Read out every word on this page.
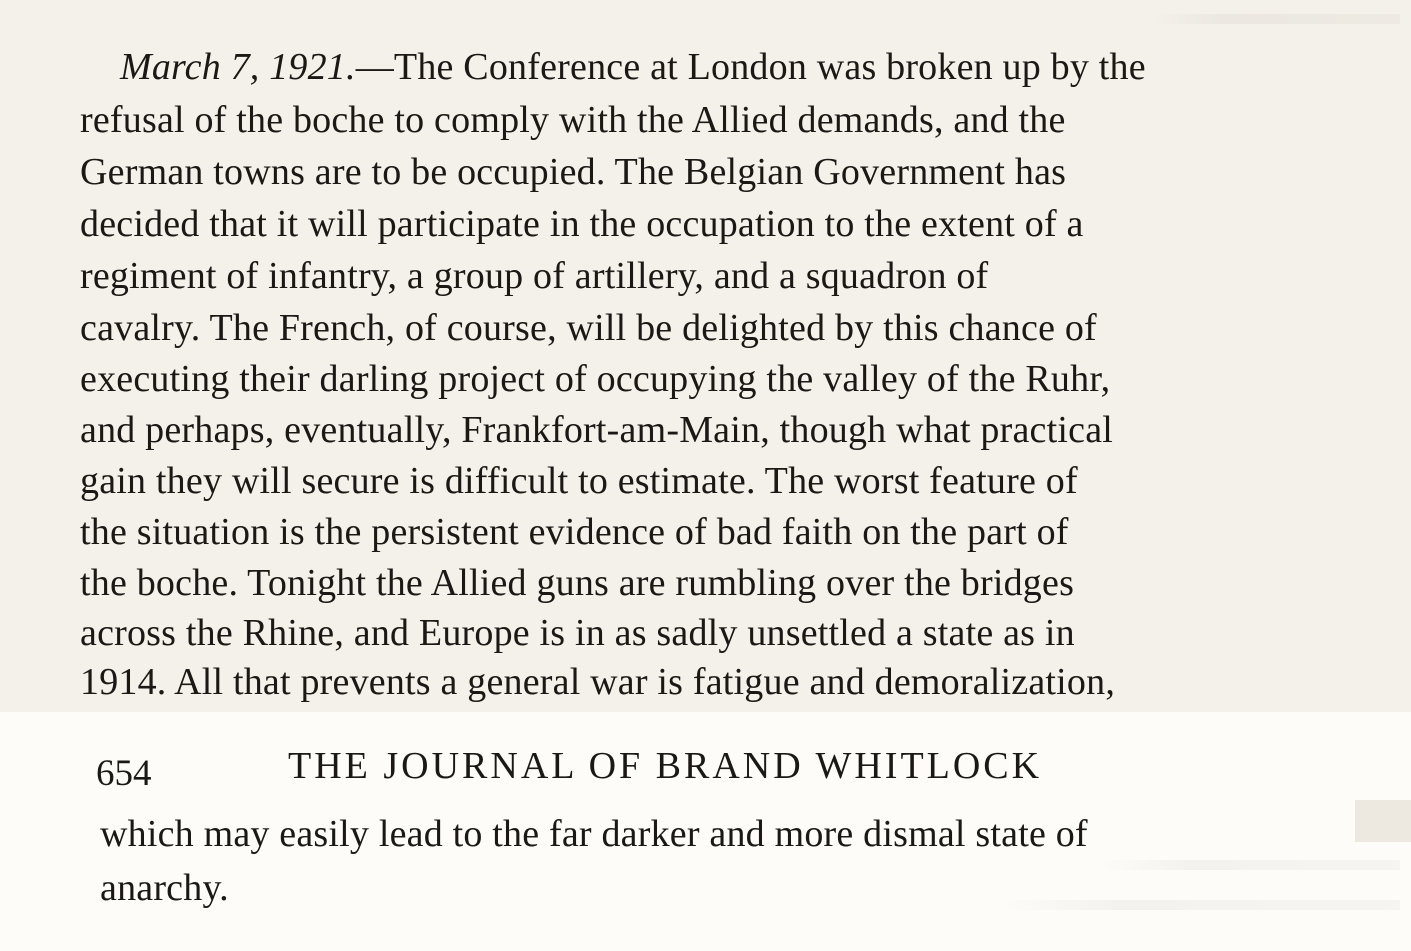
March 7, 1921.—The Conference at London was broken up by the
refusal of the boche to comply with the Allied demands, and the
German towns are to be occupied. The Belgian Government has
decided that it will participate in the occupation to the extent of a
regiment of infantry, a group of artillery, and a squadron of
cavalry. The French, of course, will be delighted by this chance of
executing their darling project of occupying the valley of the Ruhr,
and perhaps, eventually, Frankfort-am-Main, though what practical
gain they will secure is difficult to estimate. The worst feature of
the situation is the persistent evidence of bad faith on the part of
the boche. Tonight the Allied guns are rumbling over the bridges
across the Rhine, and Europe is in as sadly unsettled a state as in
1914. All that prevents a general war is fatigue and demoralization,
654	THE JOURNAL OF BRAND WHITLOCK
which may easily lead to the far darker and more dismal state of
anarchy.
